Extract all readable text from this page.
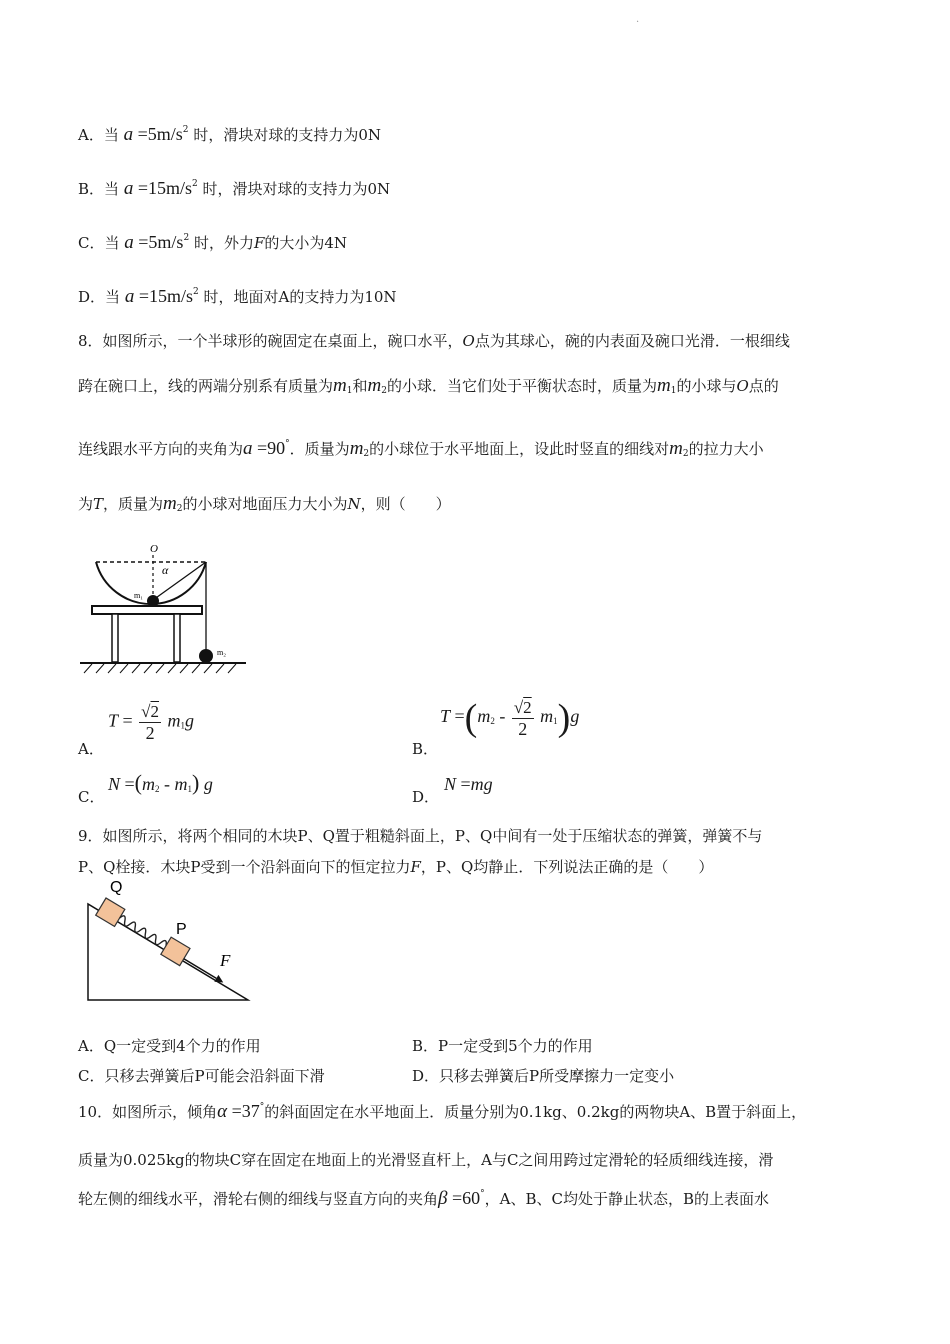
.
A．当 $a =5m/s^2$ 时，滑块对球的支持力为0N
B．当 $a =15m/s^2$ 时，滑块对球的支持力为0N
C．当 $a =5m/s^2$ 时，外力F的大小为4N
D．当 $a =15m/s^2$ 时，地面对A的支持力为10N
8．如图所示，一个半球形的碗固定在桌面上，碗口水平，O点为其球心，碗的内表面及碗口光滑．一根细线
跨在碗口上，线的两端分别系有质量为$m_1$和$m_2$的小球．当它们处于平衡状态时，质量为$m_1$的小球与O点的
连线跟水平方向的夹角为a =90°．质量为$m_2$的小球位于水平地面上，设此时竖直的细线对$m_2$的拉力大小
为T，质量为$m_2$的小球对地面压力大小为N，则（　　）
O
α
m₁
m₂
A．
$T = \frac{√2}{2} m_1g$
B．
$T =(m_2 - \frac{√2}{2} m_1)g$
C．
$N =(m_2 - m_1)$ g
D．
N =mg
9．如图所示，将两个相同的木块P、Q置于粗糙斜面上，P、Q中间有一处于压缩状态的弹簧，弹簧不与
P、Q栓接．木块P受到一个沿斜面向下的恒定拉力F，P、Q均静止．下列说法正确的是（　　）
Q
P
F
A．Q一定受到4个力的作用	B．P一定受到5个力的作用
C．只移去弹簧后P可能会沿斜面下滑	D．只移去弹簧后P所受摩擦力一定变小
10．如图所示，倾角α =37°的斜面固定在水平地面上．质量分别为0.1kg、0.2kg的两物块A、B置于斜面上，
质量为0.025kg的物块C穿在固定在地面上的光滑竖直杆上，A与C之间用跨过定滑轮的轻质细线连接，滑
轮左侧的细线水平，滑轮右侧的细线与竖直方向的夹角β =60°，A、B、C均处于静止状态，B的上表面水
